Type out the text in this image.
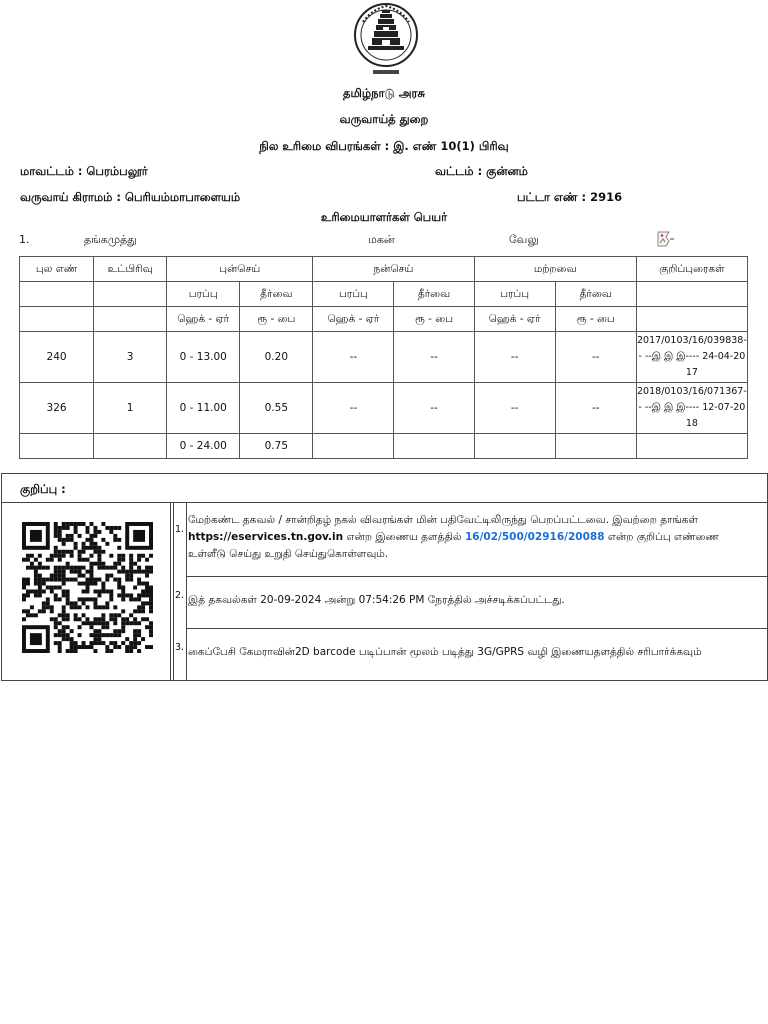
தமிழ்நாடு அரசு
வருவாய்த் துறை
நில உரிமை விபரங்கள் : இ. எண் 10(1) பிரிவு
மாவட்டம் : பெரம்பலூர்	வட்டம் : குன்னம்
வருவாய் கிராமம் : பெரியம்மாபாளையம்	பட்டா எண் : 2916
உரிமையாளர்கள் பெயர்
1.	தங்கமுத்து	மகன்	வேலு
புல எண்	உட்பிரிவு	புன்செய்		நன்செய்		மற்றவை		குறிப்புரைகள்
		பரப்பு	தீர்வை	பரப்பு	தீர்வை	பரப்பு	தீர்வை	
		ஹெக் - ஏர்	ரூ - பை	ஹெக் - ஏர்	ரூ - பை	ஹெக் - ஏர்	ரூ - பை	
240	3	0 - 13.00	0.20	--	--	--	--	2017/0103/16/039838-- --இ இ இ---- 24-04-2017
326	1	0 - 11.00	0.55	--	--	--	--	2018/0103/16/071367-- --இ இ இ---- 12-07-2018
		0 - 24.00	0.75					
குறிப்பு :
1.
மேற்கண்ட தகவல் / சான்றிதழ் நகல் விவரங்கள் மின் பதிவேட்டிலிருந்து பெறப்பட்டவை. இவற்றை தாங்கள் https://eservices.tn.gov.in என்ற இணைய தளத்தில் 16/02/500/02916/20088 என்ற குறிப்பு எண்ணை உள்ளீடு செய்து உறுதி செய்துகொள்ளவும்.
2. இத் தகவல்கள் 20-09-2024 அன்று 07:54:26 PM நேரத்தில் அச்சடிக்கப்பட்டது.
3. கைப்பேசி கேமராவின்2D barcode படிப்பான் மூலம் படித்து 3G/GPRS வழி இணையதளத்தில் சரிபார்க்கவும்
